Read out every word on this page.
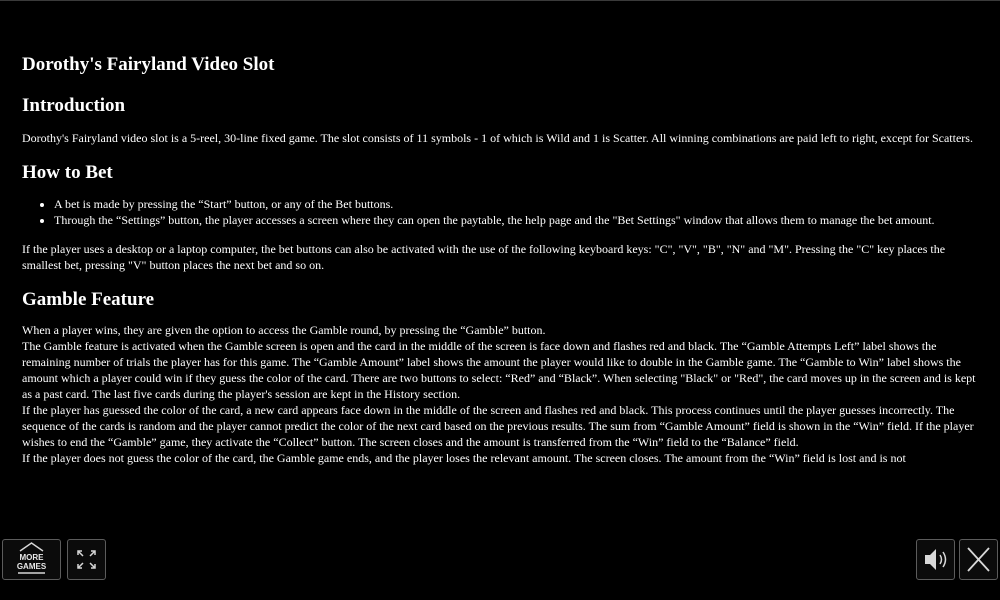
Dorothy's Fairyland Video Slot
Introduction

Dorothy's Fairyland video slot is a 5-reel, 30-line fixed game. The slot consists of 11 symbols - 1 of which is Wild and 1 is Scatter. All winning combinations are paid left to right, except for Scatters.

How to Bet
• A bet is made by pressing the “Start” button, or any of the Bet buttons.
• Through the “Settings” button, the player accesses a screen where they can open the paytable, the help page and the "Bet Settings" window that allows them to manage the bet amount.

If the player uses a desktop or a laptop computer, the bet buttons can also be activated with the use of the following keyboard keys: "C", "V", "B", "N" and "M". Pressing the "C" key places the smallest bet, pressing "V" button places the next bet and so on.

Gamble Feature
When a player wins, they are given the option to access the Gamble round, by pressing the “Gamble” button.
The Gamble feature is activated when the Gamble screen is open and the card in the middle of the screen is face down and flashes red and black. The “Gamble Attempts Left” label shows the remaining number of trials the player has for this game. The “Gamble Amount” label shows the amount the player would like to double in the Gamble game. The “Gamble to Win” label shows the amount which a player could win if they guess the color of the card. There are two buttons to select: “Red” and “Black”. When selecting "Black" or "Red", the card moves up in the screen and is kept as a past card. The last five cards during the player's session are kept in the History section.
If the player has guessed the color of the card, a new card appears face down in the middle of the screen and flashes red and black. This process continues until the player guesses incorrectly. The sequence of the cards is random and the player cannot predict the color of the next card based on the previous results. The sum from “Gamble Amount” field is shown in the “Win” field. If the player wishes to end the “Gamble” game, they activate the “Collect” button. The screen closes and the amount is transferred from the “Win” field to the “Balance” field.
If the player does not guess the color of the card, the Gamble game ends, and the player loses the relevant amount. The screen closes. The amount from the “Win” field is lost and is not
MORE
GAMES
